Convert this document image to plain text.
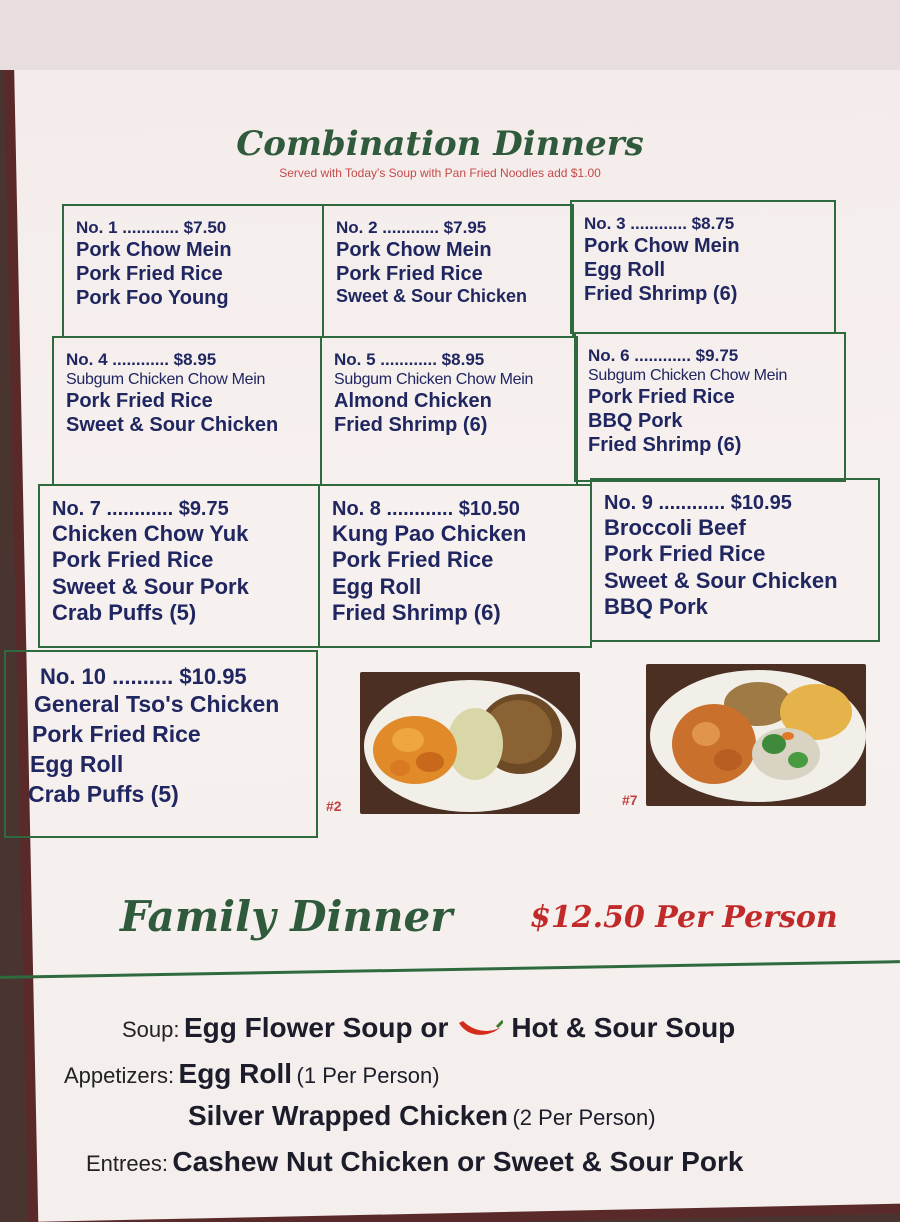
Combination Dinners
Served with Today's Soup with Pan Fried Noodles add $1.00
No. 1 ............ $7.50
Pork Chow Mein
Pork Fried Rice
Pork Foo Young
No. 2 ............ $7.95
Pork Chow Mein
Pork Fried Rice
Sweet & Sour Chicken
No. 3 ............ $8.75
Pork Chow Mein
Egg Roll
Fried Shrimp (6)
No. 4 ............ $8.95
Subgum Chicken Chow Mein
Pork Fried Rice
Sweet & Sour Chicken
No. 5 ............ $8.95
Subgum Chicken Chow Mein
Almond Chicken
Fried Shrimp (6)
No. 6 ............ $9.75
Subgum Chicken Chow Mein
Pork Fried Rice
BBQ Pork
Fried Shrimp (6)
No. 7 ............ $9.75
Chicken Chow Yuk
Pork Fried Rice
Sweet & Sour Pork
Crab Puffs (5)
No. 8 ............ $10.50
Kung Pao Chicken
Pork Fried Rice
Egg Roll
Fried Shrimp (6)
No. 9 ............ $10.95
Broccoli Beef
Pork Fried Rice
Sweet & Sour Chicken
BBQ Pork
No. 10 .......... $10.95
General Tso's Chicken
Pork Fried Rice
Egg Roll
Crab Puffs (5)	#2	#7
Family Dinner	$12.50 Per Person
Soup: Egg Flower Soup or Hot & Sour Soup
Appetizers: Egg Roll (1 Per Person)
Silver Wrapped Chicken (2 Per Person)
Entrees: Cashew Nut Chicken or Sweet & Sour Pork
